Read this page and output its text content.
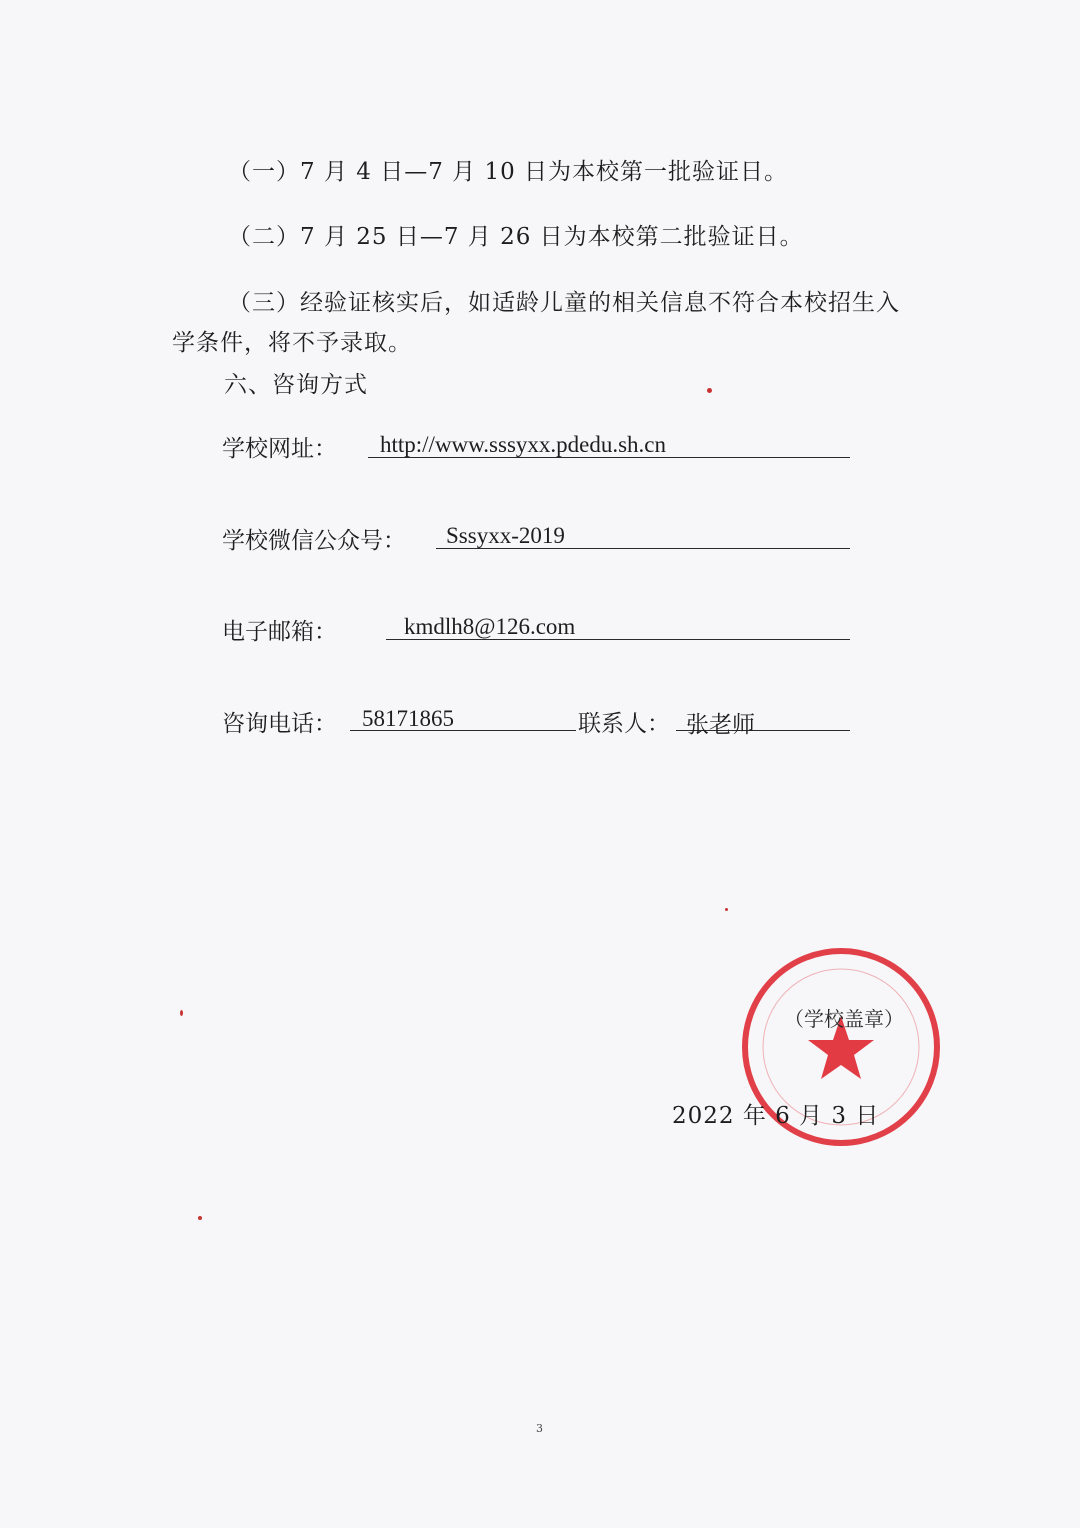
（一）7 月 4 日—7 月 10 日为本校第一批验证日。
（二）7 月 25 日—7 月 26 日为本校第二批验证日。
（三）经验证核实后，如适龄儿童的相关信息不符合本校招生入
学条件，将不予录取。
六、咨询方式
学校网址： http://www.sssyxx.pdedu.sh.cn
学校微信公众号： Sssyxx-2019
电子邮箱：	kmdlh8@126.com
咨询电话： 58171865	联系人： 张老师
（学校盖章）
2022 年 6 月 3 日
3
